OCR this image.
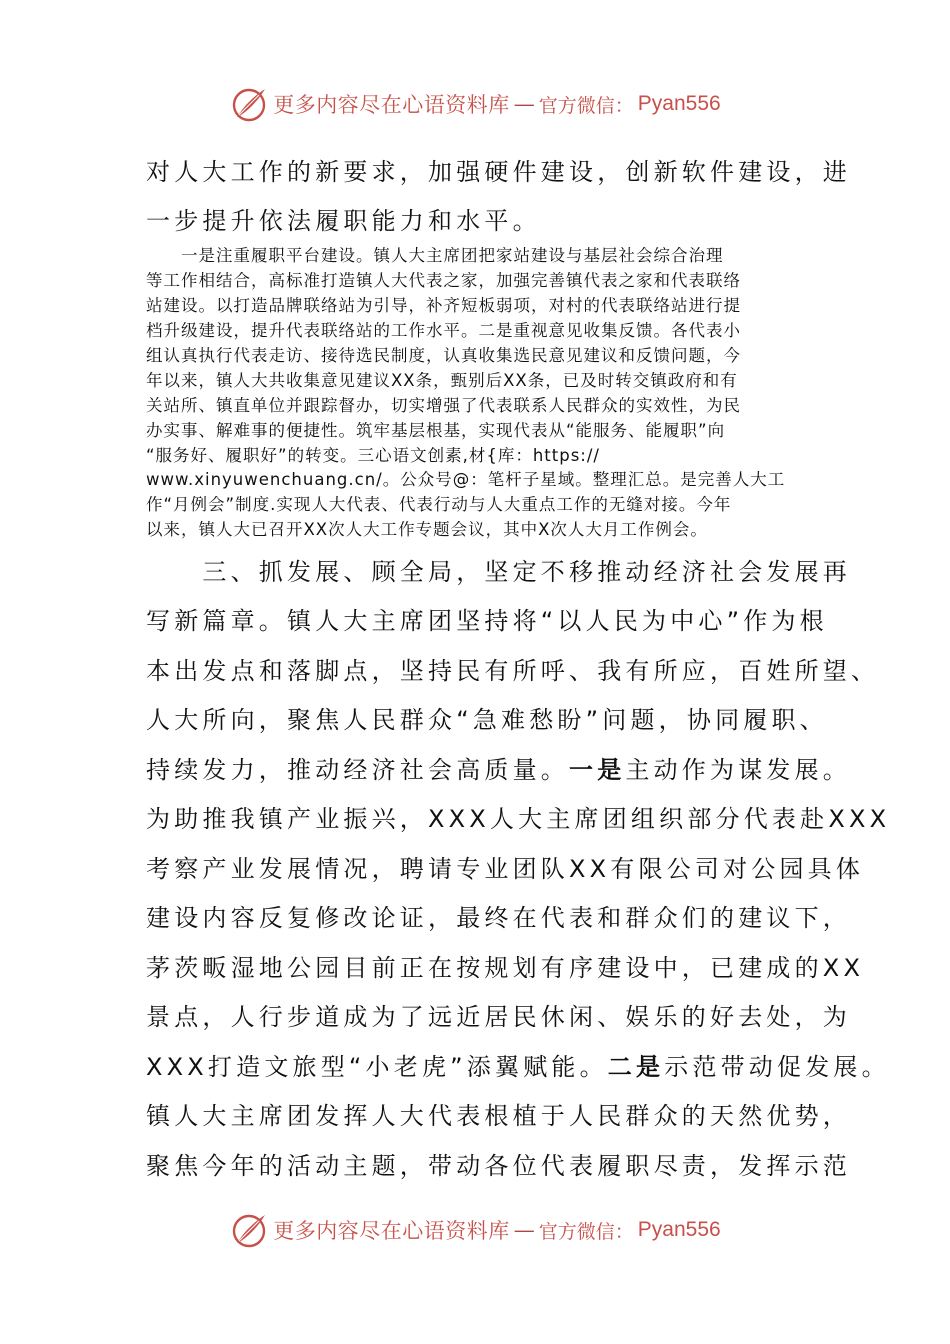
更多内容尽在心语资料库 — 官方微信： Pyan556
对人大工作的新要求，加强硬件建设，创新软件建设，进
一步提升依法履职能力和水平。
　　一是注重履职平台建设。镇人大主席团把家站建设与基层社会综合治理
等工作相结合，高标准打造镇人大代表之家，加强完善镇代表之家和代表联络
站建设。以打造品牌联络站为引导，补齐短板弱项，对村的代表联络站进行提
档升级建设，提升代表联络站的工作水平。二是重视意见收集反馈。各代表小
组认真执行代表走访、接待选民制度，认真收集选民意见建议和反馈问题，今
年以来，镇人大共收集意见建议XX条，甄别后XX条，已及时转交镇政府和有
关站所、镇直单位并跟踪督办，切实增强了代表联系人民群众的实效性，为民
办实事、解难事的便捷性。筑牢基层根基，实现代表从“能服务、能履职”向
“服务好、履职好”的转变。三心语文创素,材{库：https://
www.xinyuwenchuang.cn/。公众号@：笔杆子星域。整理汇总。是完善人大工
作“月例会”制度.实现人大代表、代表行动与人大重点工作的无缝对接。今年
以来，镇人大已召开XX次人大工作专题会议，其中X次人大月工作例会。
　　三、抓发展、顾全局，坚定不移推动经济社会发展再
写新篇章。镇人大主席团坚持将“以人民为中心”作为根
本出发点和落脚点，坚持民有所呼、我有所应，百姓所望、
人大所向，聚焦人民群众“急难愁盼”问题，协同履职、
持续发力，推动经济社会高质量。一是主动作为谋发展。
为助推我镇产业振兴，XXX人大主席团组织部分代表赴XXX
考察产业发展情况，聘请专业团队XX有限公司对公园具体
建设内容反复修改论证，最终在代表和群众们的建议下，
茅茨畈湿地公园目前正在按规划有序建设中，已建成的XX
景点，人行步道成为了远近居民休闲、娱乐的好去处，为
XXX打造文旅型“小老虎”添翼赋能。二是示范带动促发展。
镇人大主席团发挥人大代表根植于人民群众的天然优势，
聚焦今年的活动主题，带动各位代表履职尽责，发挥示范
更多内容尽在心语资料库 — 官方微信： Pyan556
